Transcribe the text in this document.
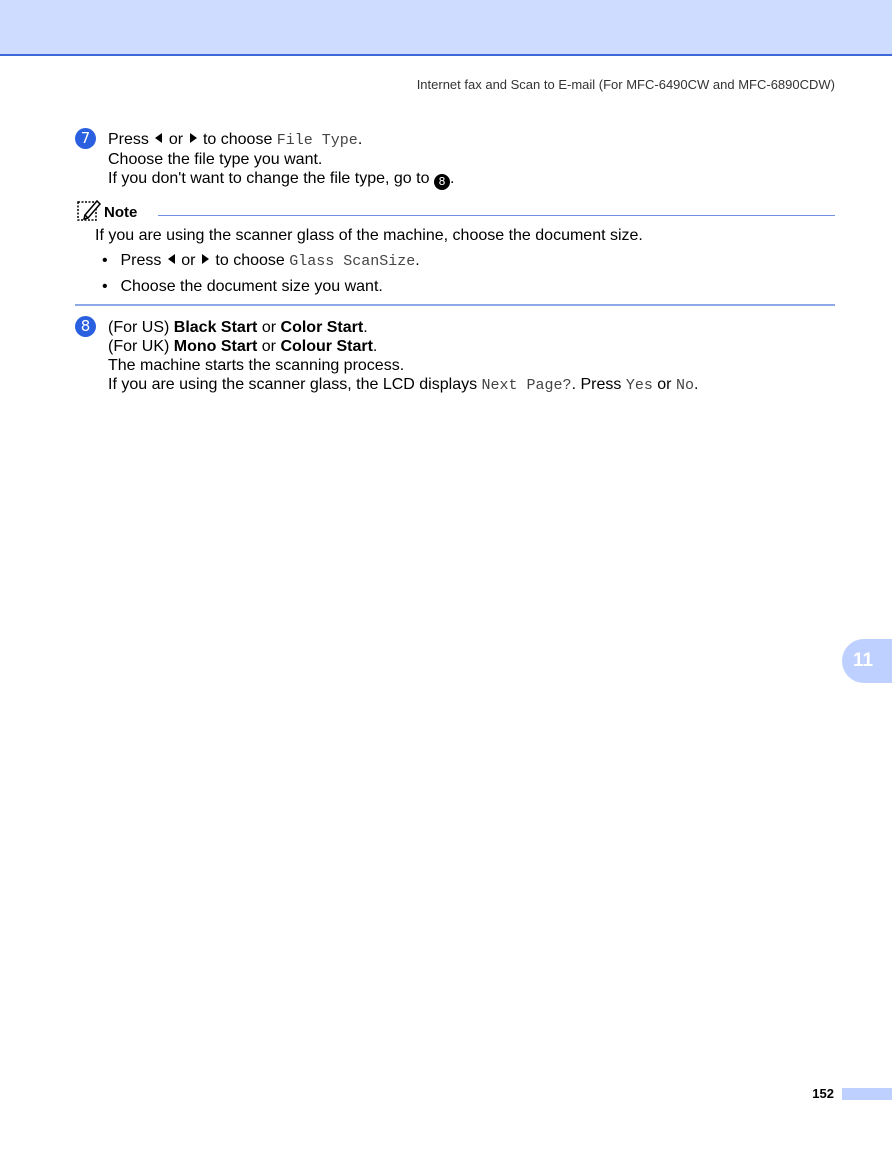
Internet fax and Scan to E-mail (For MFC-6490CW and MFC-6890CDW)
7	Press or to choose File Type.
Choose the file type you want.
If you don't want to change the file type, go to 8 .
Note
If you are using the scanner glass of the machine, choose the document size.
• Press or to choose Glass ScanSize.
• Choose the document size you want.
8	(For US) Black Start or Color Start.
(For UK) Mono Start or Colour Start.
The machine starts the scanning process.
If you are using the scanner glass, the LCD displays Next Page?. Press Yes or No.
11
152
